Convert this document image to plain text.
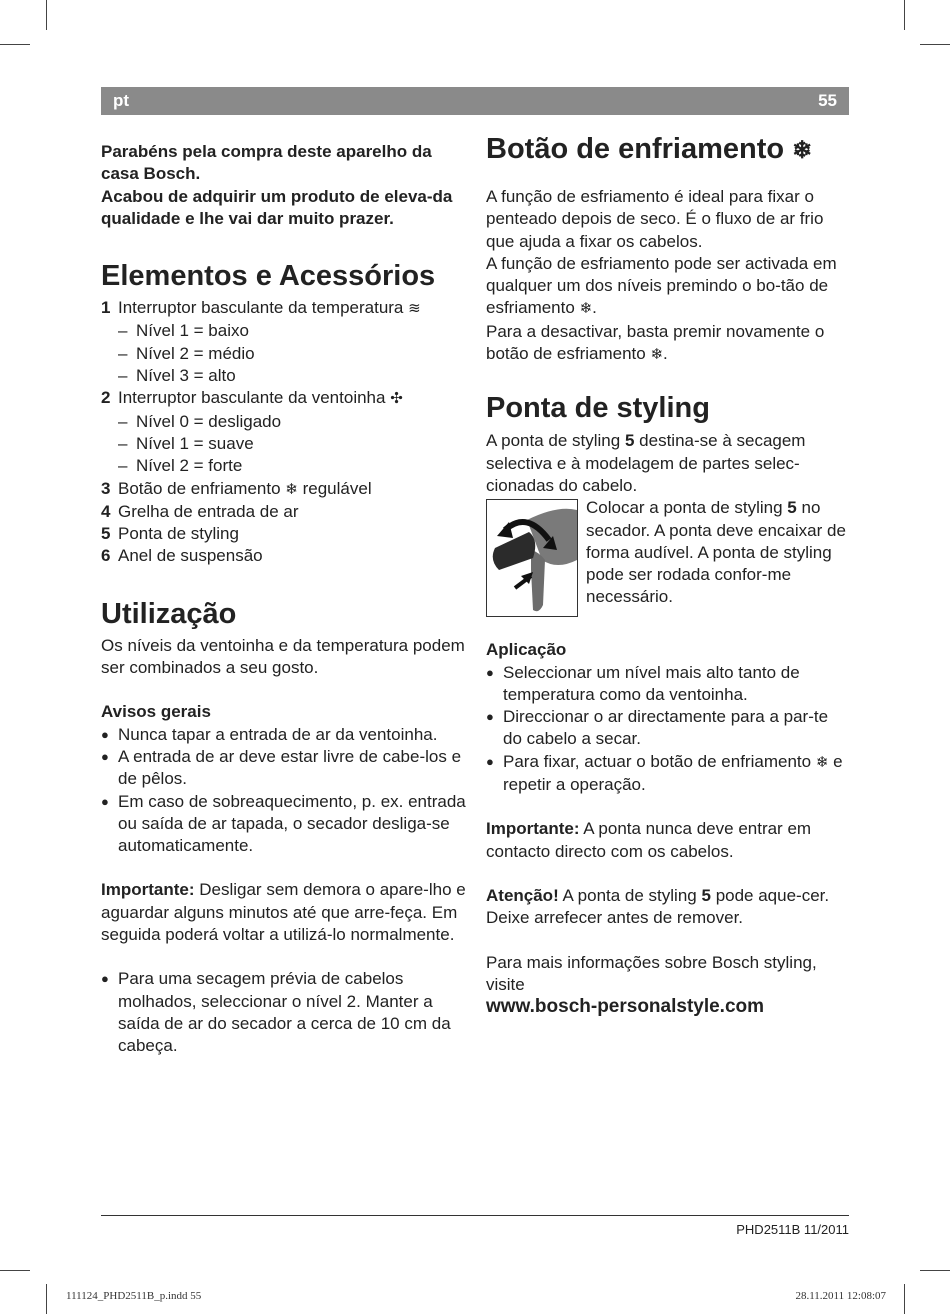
pt	55

Parabéns pela compra deste aparelho da casa Bosch.

Acabou de adquirir um produto de eleva-da qualidade e lhe vai dar muito prazer.

Elementos e Acessórios
1 Interruptor basculante da temperatura ≋
– Nível 1 = baixo
– Nível 2 = médio
– Nível 3 = alto
2 Interruptor basculante da ventoinha ✣
– Nível 0 = desligado
– Nível 1 = suave
– Nível 2 = forte
3 Botão de enfriamento ❄ regulável
4 Grelha de entrada de ar
5 Ponta de styling
6 Anel de suspensão
Utilização

Os níveis da ventoinha e da temperatura podem ser combinados a seu gosto.

Avisos gerais
● Nunca tapar a entrada de ar da ventoinha.
● A entrada de ar deve estar livre de cabe-los e de pêlos.
● Em caso de sobreaquecimento, p. ex. entrada ou saída de ar tapada, o secador desliga-se automaticamente.

Importante: Desligar sem demora o apare-lho e aguardar alguns minutos até que arre-feça. Em seguida poderá voltar a utilizá-lo normalmente.

● Para uma secagem prévia de cabelos molhados, seleccionar o nível 2. Manter a saída de ar do secador a cerca de 10 cm da cabeça.
Botão de enfriamento ❄

A função de esfriamento é ideal para fixar o penteado depois de seco. É o fluxo de ar frio que ajuda a fixar os cabelos.

A função de esfriamento pode ser activada em qualquer um dos níveis premindo o bo-tão de esfriamento ❄.

Para a desactivar, basta premir novamente o botão de esfriamento ❄.

Ponta de styling

A ponta de styling 5 destina-se à secagem selectiva e à modelagem de partes selec-cionadas do cabelo.

Colocar a ponta de styling 5 no secador. A ponta deve encaixar de forma audível. A ponta de styling pode ser rodada confor-me necessário.

Aplicação
● Seleccionar um nível mais alto tanto de temperatura como da ventoinha.
● Direccionar o ar directamente para a par-te do cabelo a secar.
● Para fixar, actuar o botão de enfriamento ❄ e repetir a operação.

Importante: A ponta nunca deve entrar em contacto directo com os cabelos.

Atenção! A ponta de styling 5 pode aque-cer. Deixe arrefecer antes de remover.

Para mais informações sobre Bosch styling, visite

www.bosch-personalstyle.com

PHD2511B 11/2011
111124_PHD2511B_p.indd 55	28.11.2011 12:08:07
